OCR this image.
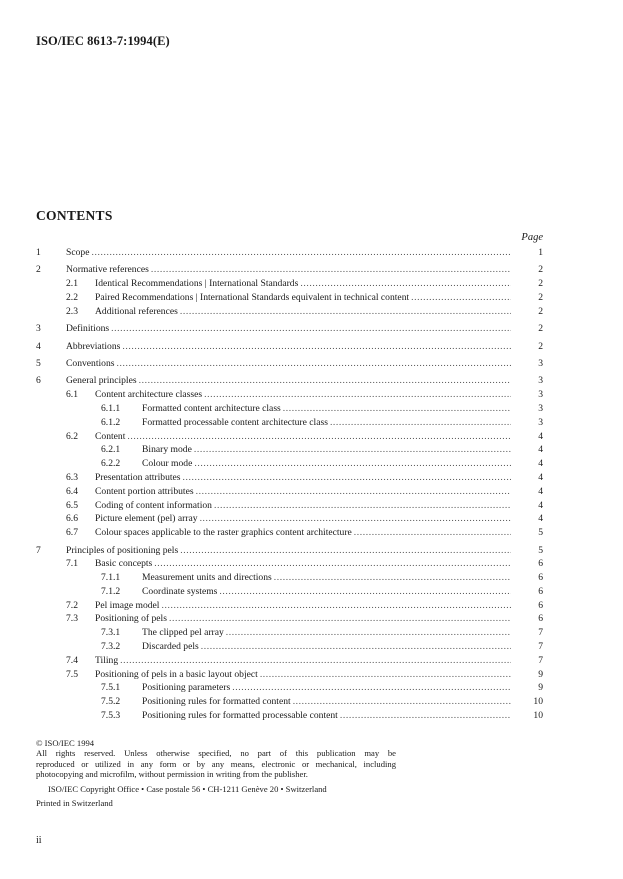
ISO/IEC 8613-7:1994(E)
CONTENTS
Page
1	Scope .....	1
2	Normative references .....	2
2.1 Identical Recommendations | International Standards .....	2
2.2 Paired Recommendations | International Standards equivalent in technical content .....	2
2.3 Additional references .....	2
3	Definitions .....	2
4	Abbreviations .....	2
5	Conventions .....	3
6	General principles .....	3
6.1 Content architecture classes .....	3
6.1.1 Formatted content architecture class .....	3
6.1.2 Formatted processable content architecture class .....	3
6.2 Content .....	4
6.2.1 Binary mode .....	4
6.2.2 Colour mode .....	4
6.3 Presentation attributes .....	4
6.4 Content portion attributes .....	4
6.5 Coding of content information .....	4
6.6 Picture element (pel) array .....	4
6.7 Colour spaces applicable to the raster graphics content architecture .....	5
7	Principles of positioning pels .....	5
7.1 Basic concepts .....	6
7.1.1 Measurement units and directions .....	6
7.1.2 Coordinate systems .....	6
7.2 Pel image model .....	6
7.3 Positioning of pels .....	6
7.3.1 The clipped pel array .....	7
7.3.2 Discarded pels .....	7
7.4 Tiling .....	7
7.5 Positioning of pels in a basic layout object .....	9
7.5.1 Positioning parameters .....	9
7.5.2 Positioning rules for formatted content .....	10
7.5.3 Positioning rules for formatted processable content .....	10
© ISO/IEC 1994
All rights reserved. Unless otherwise specified, no part of this publication may be
reproduced or utilized in any form or by any means, electronic or mechanical, including
photocopying and microfilm, without permission in writing from the publisher.
ISO/IEC Copyright Office • Case postale 56 • CH-1211 Genève 20 • Switzerland
Printed in Switzerland
ii
